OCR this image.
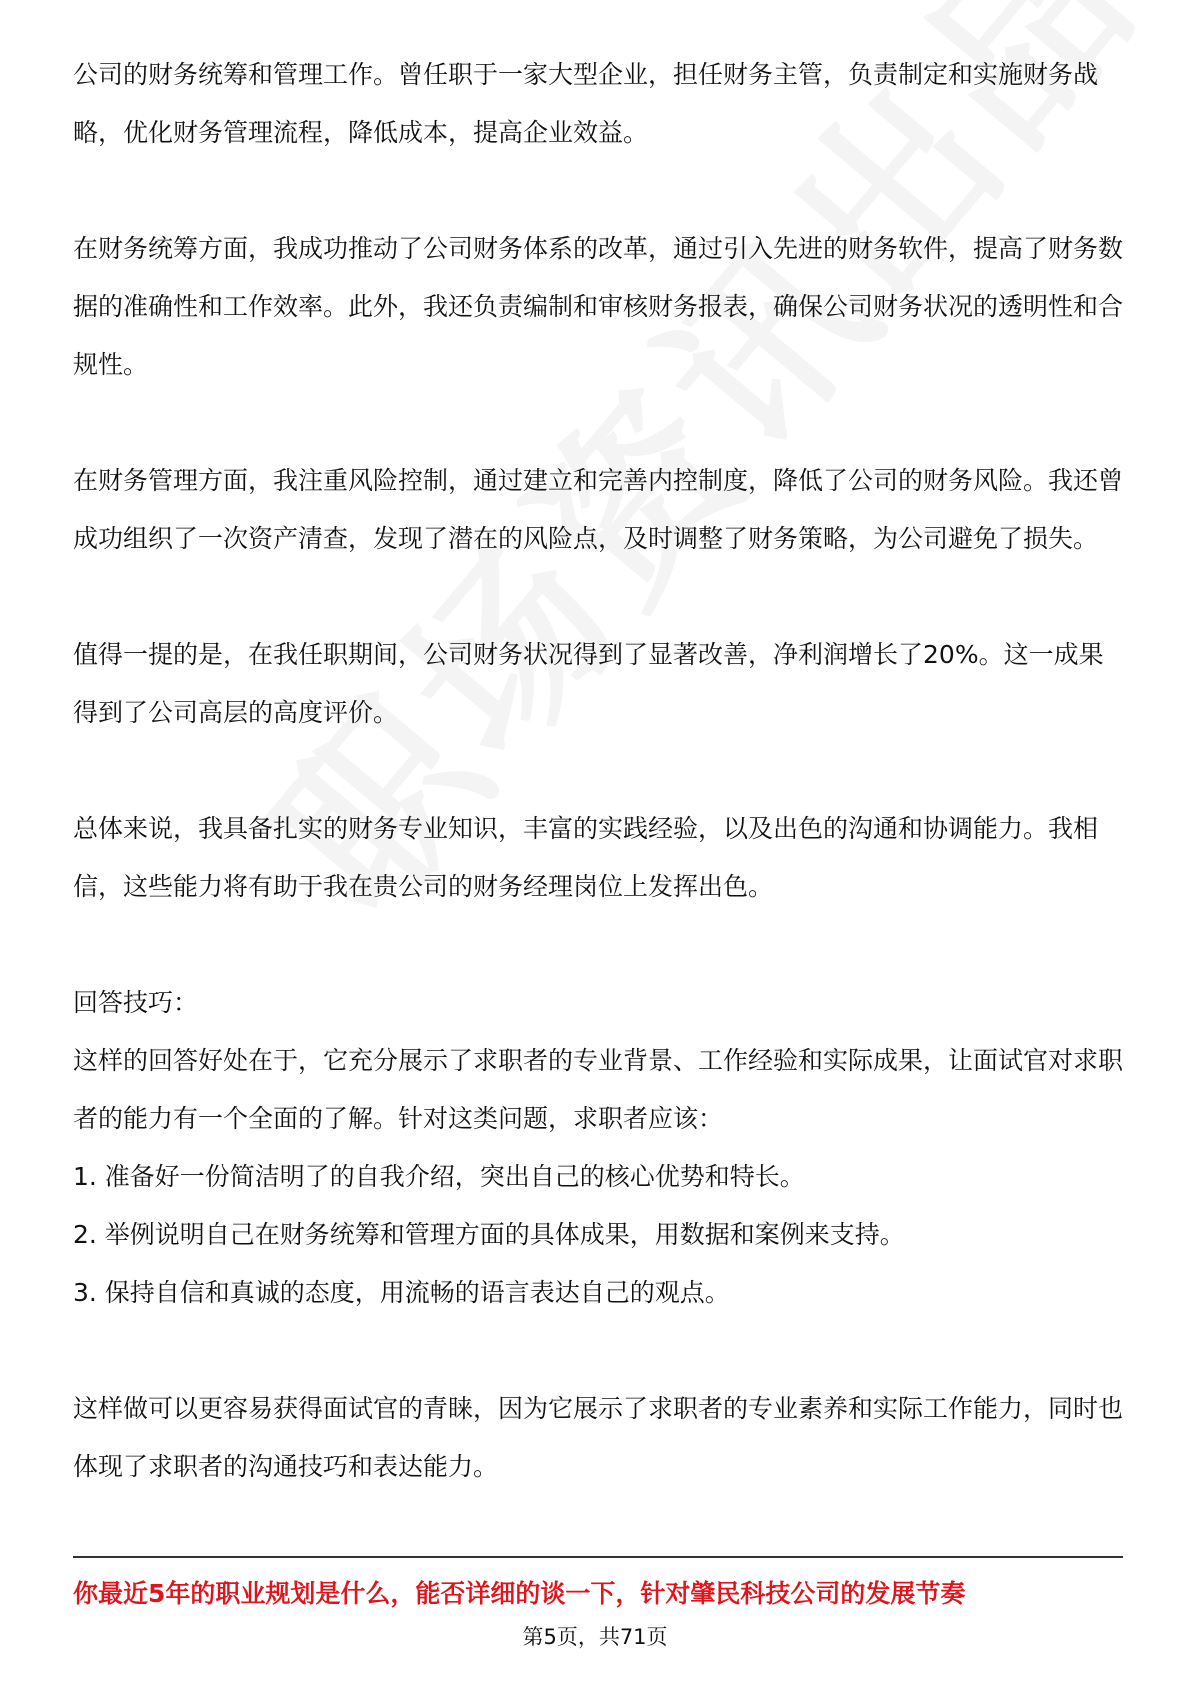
公司的财务统筹和管理工作。曾任职于一家大型企业，担任财务主管，负责制定和实施财务战略，优化财务管理流程，降低成本，提高企业效益。

在财务统筹方面，我成功推动了公司财务体系的改革，通过引入先进的财务软件，提高了财务数据的准确性和工作效率。此外，我还负责编制和审核财务报表，确保公司财务状况的透明性和合规性。

在财务管理方面，我注重风险控制，通过建立和完善内控制度，降低了公司的财务风险。我还曾成功组织了一次资产清查，发现了潜在的风险点，及时调整了财务策略，为公司避免了损失。

值得一提的是，在我任职期间，公司财务状况得到了显著改善，净利润增长了20%。这一成果得到了公司高层的高度评价。

总体来说，我具备扎实的财务专业知识，丰富的实践经验，以及出色的沟通和协调能力。我相信，这些能力将有助于我在贵公司的财务经理岗位上发挥出色。

回答技巧：

这样的回答好处在于，它充分展示了求职者的专业背景、工作经验和实际成果，让面试官对求职者的能力有一个全面的了解。针对这类问题，求职者应该：

1. 准备好一份简洁明了的自我介绍，突出自己的核心优势和特长。

2. 举例说明自己在财务统筹和管理方面的具体成果，用数据和案例来支持。

3. 保持自信和真诚的态度，用流畅的语言表达自己的观点。

这样做可以更容易获得面试官的青睐，因为它展示了求职者的专业素养和实际工作能力，同时也体现了求职者的沟通技巧和表达能力。

你最近5年的职业规划是什么，能否详细的谈一下，针对肇民科技公司的发展节奏
第5页，共71页
